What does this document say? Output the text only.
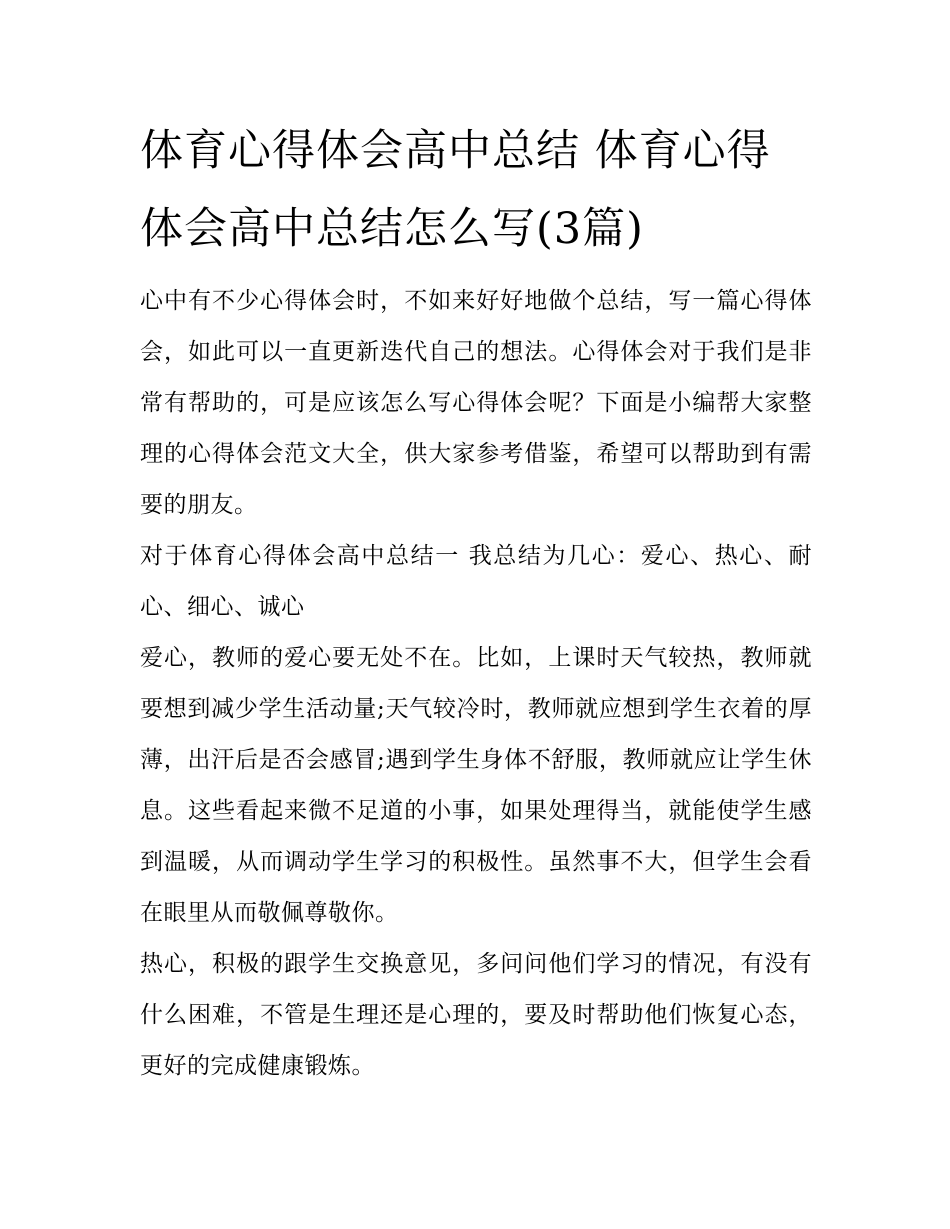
体育心得体会高中总结 体育心得体会高中总结怎么写(3篇)

心中有不少心得体会时，不如来好好地做个总结，写一篇心得体会，如此可以一直更新迭代自己的想法。心得体会对于我们是非常有帮助的，可是应该怎么写心得体会呢？下面是小编帮大家整理的心得体会范文大全，供大家参考借鉴，希望可以帮助到有需要的朋友。

对于体育心得体会高中总结一 我总结为几心：爱心、热心、耐心、细心、诚心

爱心，教师的爱心要无处不在。比如，上课时天气较热，教师就要想到减少学生活动量;天气较冷时，教师就应想到学生衣着的厚薄，出汗后是否会感冒;遇到学生身体不舒服，教师就应让学生休息。这些看起来微不足道的小事，如果处理得当，就能使学生感到温暖，从而调动学生学习的积极性。虽然事不大，但学生会看在眼里从而敬佩尊敬你。

热心，积极的跟学生交换意见，多问问他们学习的情况，有没有什么困难，不管是生理还是心理的，要及时帮助他们恢复心态，更好的完成健康锻炼。
